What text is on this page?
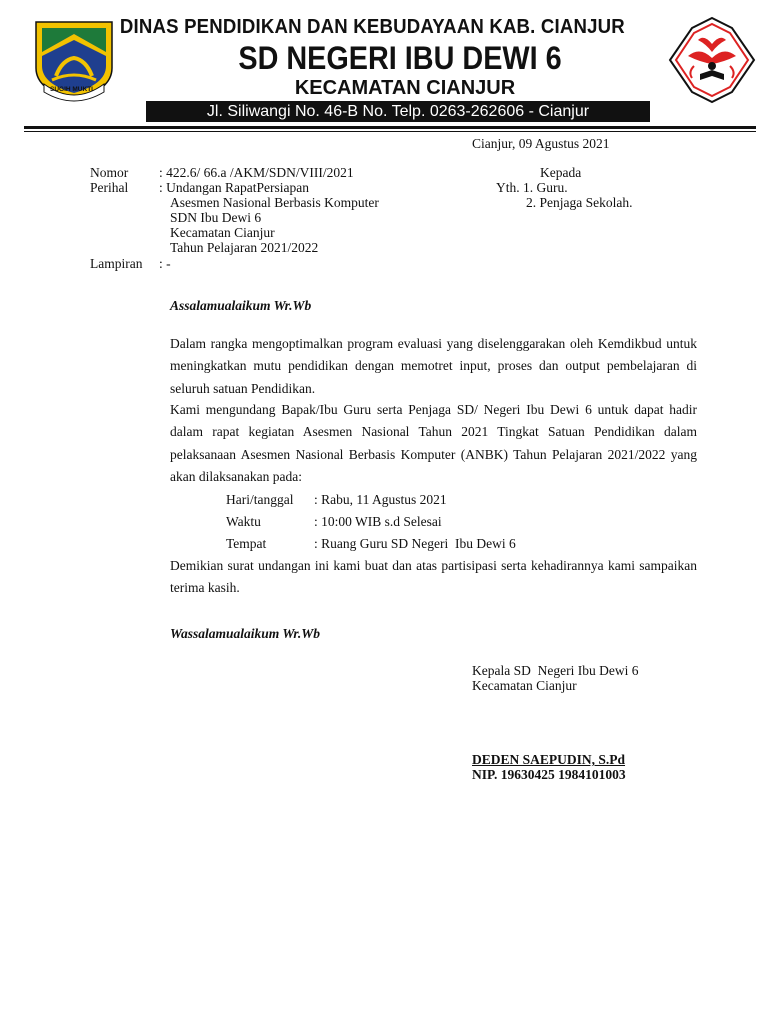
SUGIH MUKTI
DINAS PENDIDIKAN DAN KEBUDAYAAN KAB. CIANJUR
SD NEGERI IBU DEWI 6
KECAMATAN CIANJUR
Jl. Siliwangi No. 46-B No. Telp. 0263-262606 - Cianjur
Cianjur, 09 Agustus 2021
Nomor : 422.6/ 66.a /AKM/SDN/VIII/2021
Perihal : Undangan RapatPersiapan
Asesmen Nasional Berbasis Komputer
SDN Ibu Dewi 6
Kecamatan Cianjur
Tahun Pelajaran 2021/2022
Lampiran : -
Kepada
Yth. 1. Guru.
2. Penjaga Sekolah.
Assalamualaikum Wr.Wb
Dalam rangka mengoptimalkan program evaluasi yang diselenggarakan oleh Kemdikbud untuk meningkatkan mutu pendidikan dengan memotret input, proses dan output pembelajaran di seluruh satuan Pendidikan.
Kami mengundang Bapak/Ibu Guru serta Penjaga SD/ Negeri Ibu Dewi 6 untuk dapat hadir dalam rapat kegiatan Asesmen Nasional Tahun 2021 Tingkat Satuan Pendidikan dalam pelaksanaan Asesmen Nasional Berbasis Komputer (ANBK) Tahun Pelajaran 2021/2022 yang akan dilaksanakan pada:
Hari/tanggal : Rabu, 11 Agustus 2021
Waktu	: 10:00 WIB s.d Selesai
Tempat	: Ruang Guru SD Negeri  Ibu Dewi 6
Demikian surat undangan ini kami buat dan atas partisipasi serta kehadirannya kami sampaikan terima kasih.
Wassalamualaikum Wr.Wb
Kepala SD  Negeri Ibu Dewi 6
Kecamatan Cianjur
DEDEN SAEPUDIN, S.Pd
NIP. 19630425 1984101003
